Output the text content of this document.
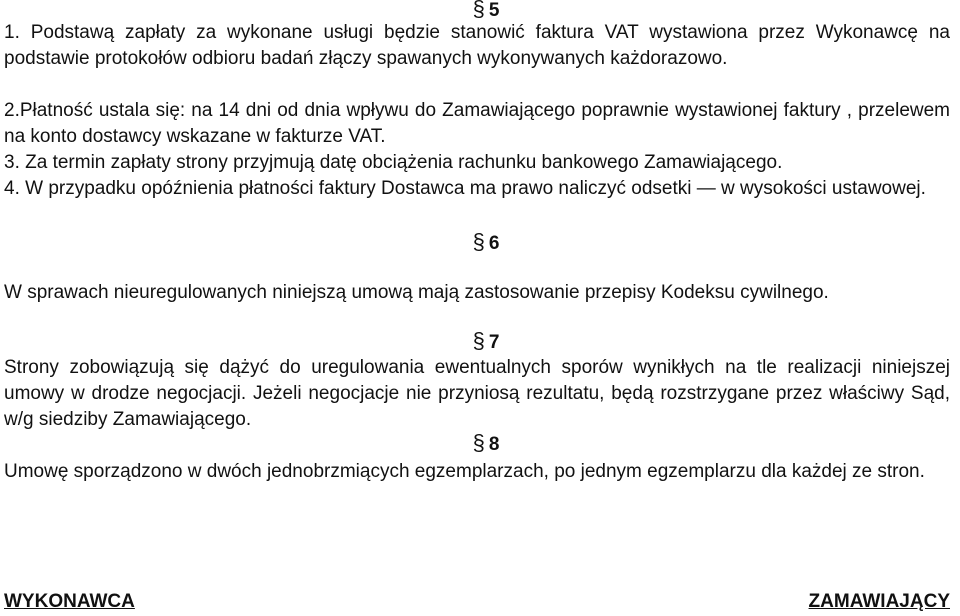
§ 5

1. Podstawą zapłaty za wykonane usługi będzie stanowić faktura VAT wystawiona przez Wykonawcę na podstawie protokołów odbioru badań złączy spawanych wykonywanych każdorazowo.

2.Płatność ustala się: na 14 dni od dnia wpływu do Zamawiającego poprawnie wystawionej faktury , przelewem na konto dostawcy wskazane w fakturze VAT.

3. Za termin zapłaty strony przyjmują datę obciążenia rachunku bankowego Zamawiającego.

4. W przypadku opóźnienia płatności faktury Dostawca ma prawo naliczyć odsetki — w wysokości ustawowej.

§ 6

W sprawach nieuregulowanych niniejszą umową mają zastosowanie przepisy Kodeksu cywilnego.

§ 7

Strony zobowiązują się dążyć do uregulowania ewentualnych sporów wynikłych na tle realizacji niniejszej umowy w drodze negocjacji. Jeżeli negocjacje nie przyniosą rezultatu, będą rozstrzygane przez właściwy Sąd, w/g siedziby Zamawiającego.

§ 8

Umowę sporządzono w dwóch jednobrzmiących egzemplarzach, po jednym egzemplarzu dla każdej ze stron.

WYKONAWCA	ZAMAWIAJĄCY
